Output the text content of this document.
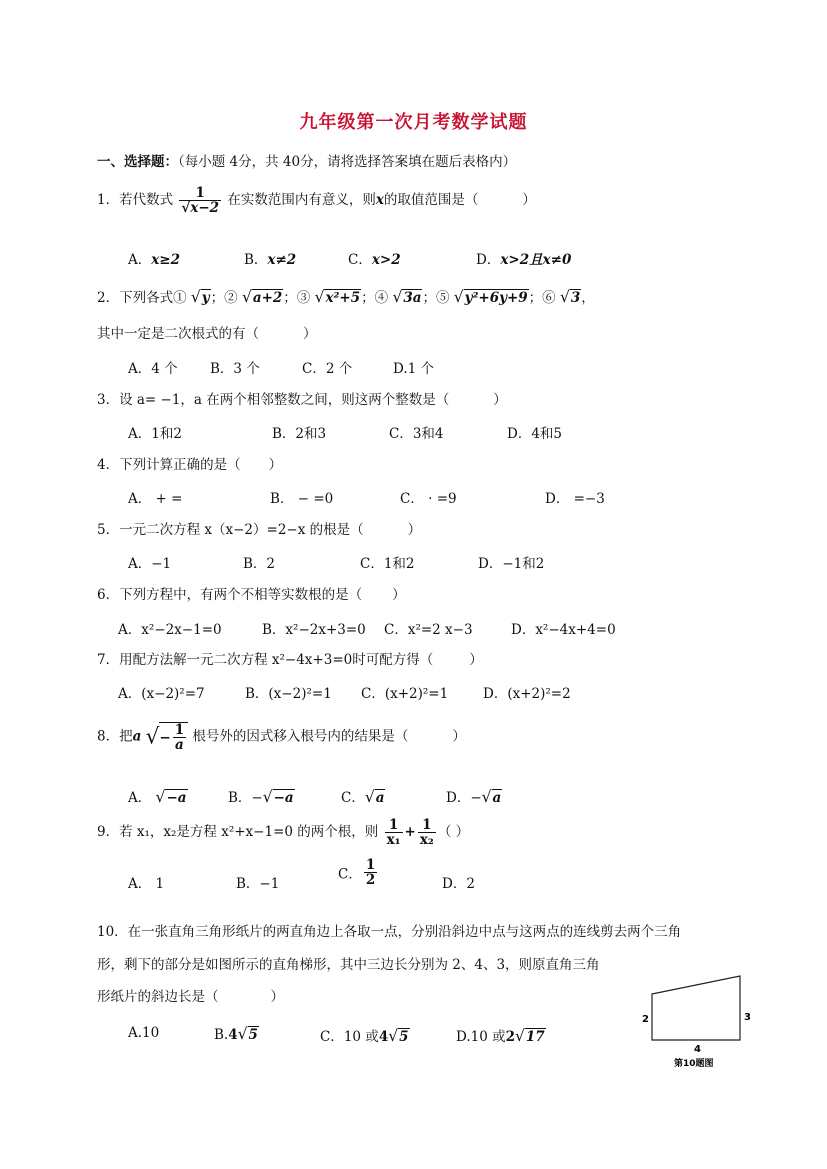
九年级第一次月考数学试题
一、选择题：（每小题 4分，共 40分，请将选择答案填在题后表格内）
1．若代数式 $\frac{1}{√x-2}$ 在实数范围内有意义，则x的取值范围是（	）
A．x≥2	B．x≠2	C．x>2	D．x>2且x≠0
2．下列各式① √y；② √a+2；③ √x²+5；④ √3a；⑤ √y²+6y+9；⑥ √3，
其中一定是二次根式的有（	）
A．4 个 B．3 个	C．2 个	D.1 个
3．设 a= −1，a 在两个相邻整数之间，则这两个整数是（	）
A．1和2	B．2和3	C．3和4	D．4和5
4．下列计算正确的是（ ）
A． + =	B． − =0	C． · =9	D． =−3
5．一元二次方程 x（x−2）=2−x 的根是（	）
A．−1	B．2	C．1和2	D．−1和2
6．下列方程中，有两个不相等实数根的是（ ）
A．x²−2x−1=0	B．x²−2x+3=0 C．x²=2 x−3	D．x²−4x+4=0
7．用配方法解一元二次方程 x²−4x+3=0时可配方得（	）
A．(x−2)²=7	B．(x−2)²=1 C．(x+2)²=1	D．(x+2)²=2
8．把a √ − $\frac{1}{a}$ 根号外的因式移入根号内的结果是（	）
A． √−a	B．−√−a	C．√a	D．−√a
9．若 x₁，x₂是方程 x²+x−1=0 的两个根，则 $\frac{1}{\text{x₁}} + \frac{1}{\text{x₂}}$ （ ）
A． 1	B．−1
C． $\frac{1}{2}$	D．2
10．在一张直角三角形纸片的两直角边上各取一点，分别沿斜边中点与这两点的连线剪去两个三角
形，剩下的部分是如图所示的直角梯形，其中三边长分别为 2、4、3，则原直角三角
形纸片的斜边长是（	）
A.10	B.4√5	C．10 或4√5	D.10 或2√17
2	3
4
第10题图
